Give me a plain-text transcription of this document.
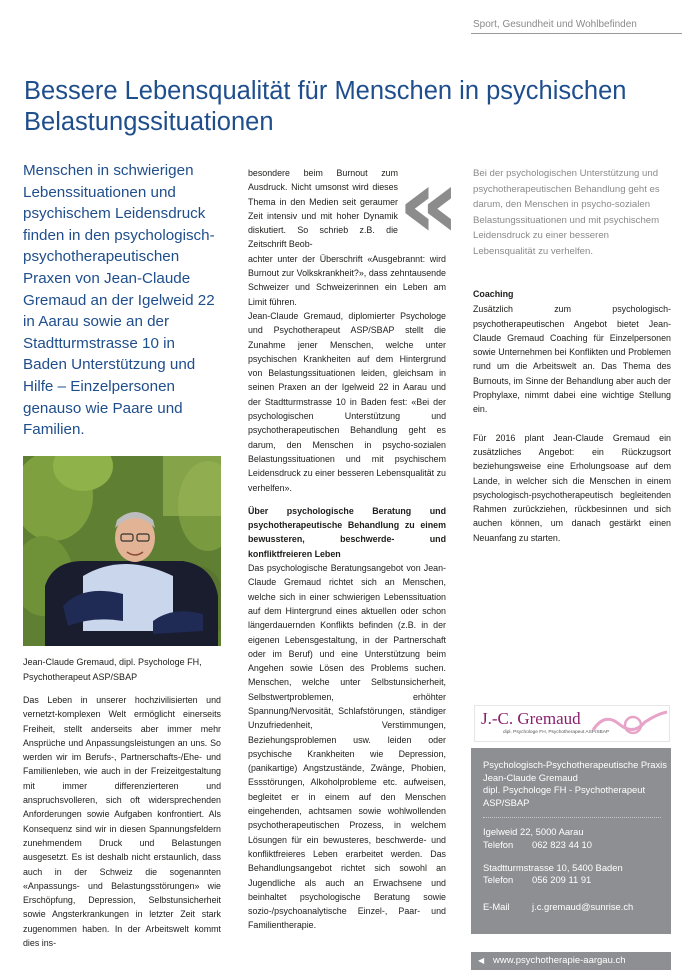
Sport, Gesundheit und Wohlbefinden
Bessere Lebensqualität für Menschen in psychischen Belastungssituationen
Menschen in schwierigen Lebenssituationen und psychischem Leidensdruck finden in den psychologisch-psychotherapeutischen Praxen von Jean-Claude Gremaud an der Igelweid 22 in Aarau sowie an der Stadtturmstrasse 10 in Baden Unterstützung und Hilfe – Einzelpersonen genauso wie Paare und Familien.
Jean-Claude Gremaud, dipl. Psychologe FH, Psychotherapeut ASP/SBAP
Das Leben in unserer hochzivilisierten und vernetzt-komplexen Welt ermöglicht einerseits Freiheit, stellt anderseits aber immer mehr Ansprüche und Anpassungsleistungen an uns. So werden wir im Berufs-, Partnerschafts-/Ehe- und Familienleben, wie auch in der Freizeitgestaltung mit immer differenzierteren und anspruchsvolleren, sich oft widersprechenden Anforderungen sowie Aufgaben konfrontiert. Als Konsequenz sind wir in diesen Spannungsfeldern zunehmendem Druck und Belastungen ausgesetzt. Es ist deshalb nicht erstaunlich, dass auch in der Schweiz die sogenannten «Anpassungs- und Belastungsstörungen» wie Erschöpfung, Depression, Selbstunsicherheit sowie Angsterkrankungen in letzter Zeit stark zugenommen haben. In der Arbeitswelt kommt dies ins-

besondere beim Burnout zum Ausdruck. Nicht umsonst wird dieses Thema in den Medien seit geraumer Zeit intensiv und mit hoher Dynamik diskutiert. So schrieb z.B. die Zeitschrift Beob-

achter unter der Überschrift «Ausgebrannt: wird Burnout zur Volkskrankheit?», dass zehntausende Schweizer und Schweizerinnen ein Leben am Limit führen.

Jean-Claude Gremaud, diplomierter Psychologe und Psychotherapeut ASP/SBAP stellt die Zunahme jener Menschen, welche unter psychischen Krankheiten auf dem Hintergrund von Belastungssituationen leiden, gleichsam in seinen Praxen an der Igelweid 22 in Aarau und der Stadtturmstrasse 10 in Baden fest: «Bei der psychologischen Unterstützung und psychotherapeutischen Behandlung geht es darum, den Menschen in psycho-sozialen Belastungssituationen und mit psychischem Leidensdruck zu einer besseren Lebensqualität zu verhelfen».

Über psychologische Beratung und psychotherapeutische Behandlung zu einem bewussteren, beschwerde- und konfliktfreieren Leben

Das psychologische Beratungsangebot von Jean-Claude Gremaud richtet sich an Menschen, welche sich in einer schwierigen Lebenssituation auf dem Hintergrund eines aktuellen oder schon längerdauernden Konflikts befinden (z.B. in der eigenen Lebensgestaltung, in der Partnerschaft oder im Beruf) und eine Unterstützung beim Angehen sowie Lösen des Problems suchen. Menschen, welche unter Selbstunsicherheit, Selbstwertproblemen, erhöhter Spannung/Nervosität, Schlafstörungen, ständiger Unzufriedenheit, Verstimmungen, Beziehungsproblemen usw. leiden oder psychische Krankheiten wie Depression, (panikartige) Angstzustände, Zwänge, Phobien, Essstörungen, Alkoholprobleme etc. aufweisen, begleitet er in einem auf den Menschen eingehenden, achtsamen sowie wohlwollenden psychotherapeutischen Prozess, in welchem Lösungen für ein bewusteres, beschwerde- und konfliktfreieres Leben erarbeitet werden. Das Behandlungsangebot richtet sich sowohl an Jugendliche als auch an Erwachsene und beinhaltet psychologische Beratung sowie sozio-/psychoanalytische Einzel-, Paar- und Familientherapie.

« Bei der psychologischen Unterstützung und psychotherapeutischen Behandlung geht es darum, den Menschen in psycho-sozialen Belastungssituationen und mit psychischem Leidensdruck zu einer besseren Lebensqualität zu verhelfen.
Coaching

Zusätzlich zum psychologisch-psychotherapeutischen Angebot bietet Jean-Claude Gremaud Coaching für Einzelpersonen sowie Unternehmen bei Konflikten und Problemen rund um die Arbeitswelt an. Das Thema des Burnouts, im Sinne der Behandlung aber auch der Prophylaxe, nimmt dabei eine wichtige Stellung ein.

Für 2016 plant Jean-Claude Gremaud ein zusätzliches Angebot: ein Rückzugsort beziehungsweise eine Erholungsoase auf dem Lande, in welcher sich die Menschen in einem psychologisch-psychotherapeutisch begleitenden Rahmen zurückziehen, rückbesinnen und sich auchen können, um danach gestärkt einen Neuanfang zu starten.

J.-C. Gremaud
dipl. Psychologe FH, Psychotherapeut ASP/SBAP
Psychologisch-Psychotherapeutische Praxis
Jean-Claude Gremaud
dipl. Psychologe FH - Psychotherapeut
ASP/SBAP
Igelweid 22, 5000 Aarau
Telefon	062 823 44 10
Stadtturmstrasse 10, 5400 Baden
Telefon	056 209 11 91
E-Mail	j.c.gremaud@sunrise.ch
◀ www.psychotherapie-aargau.ch
